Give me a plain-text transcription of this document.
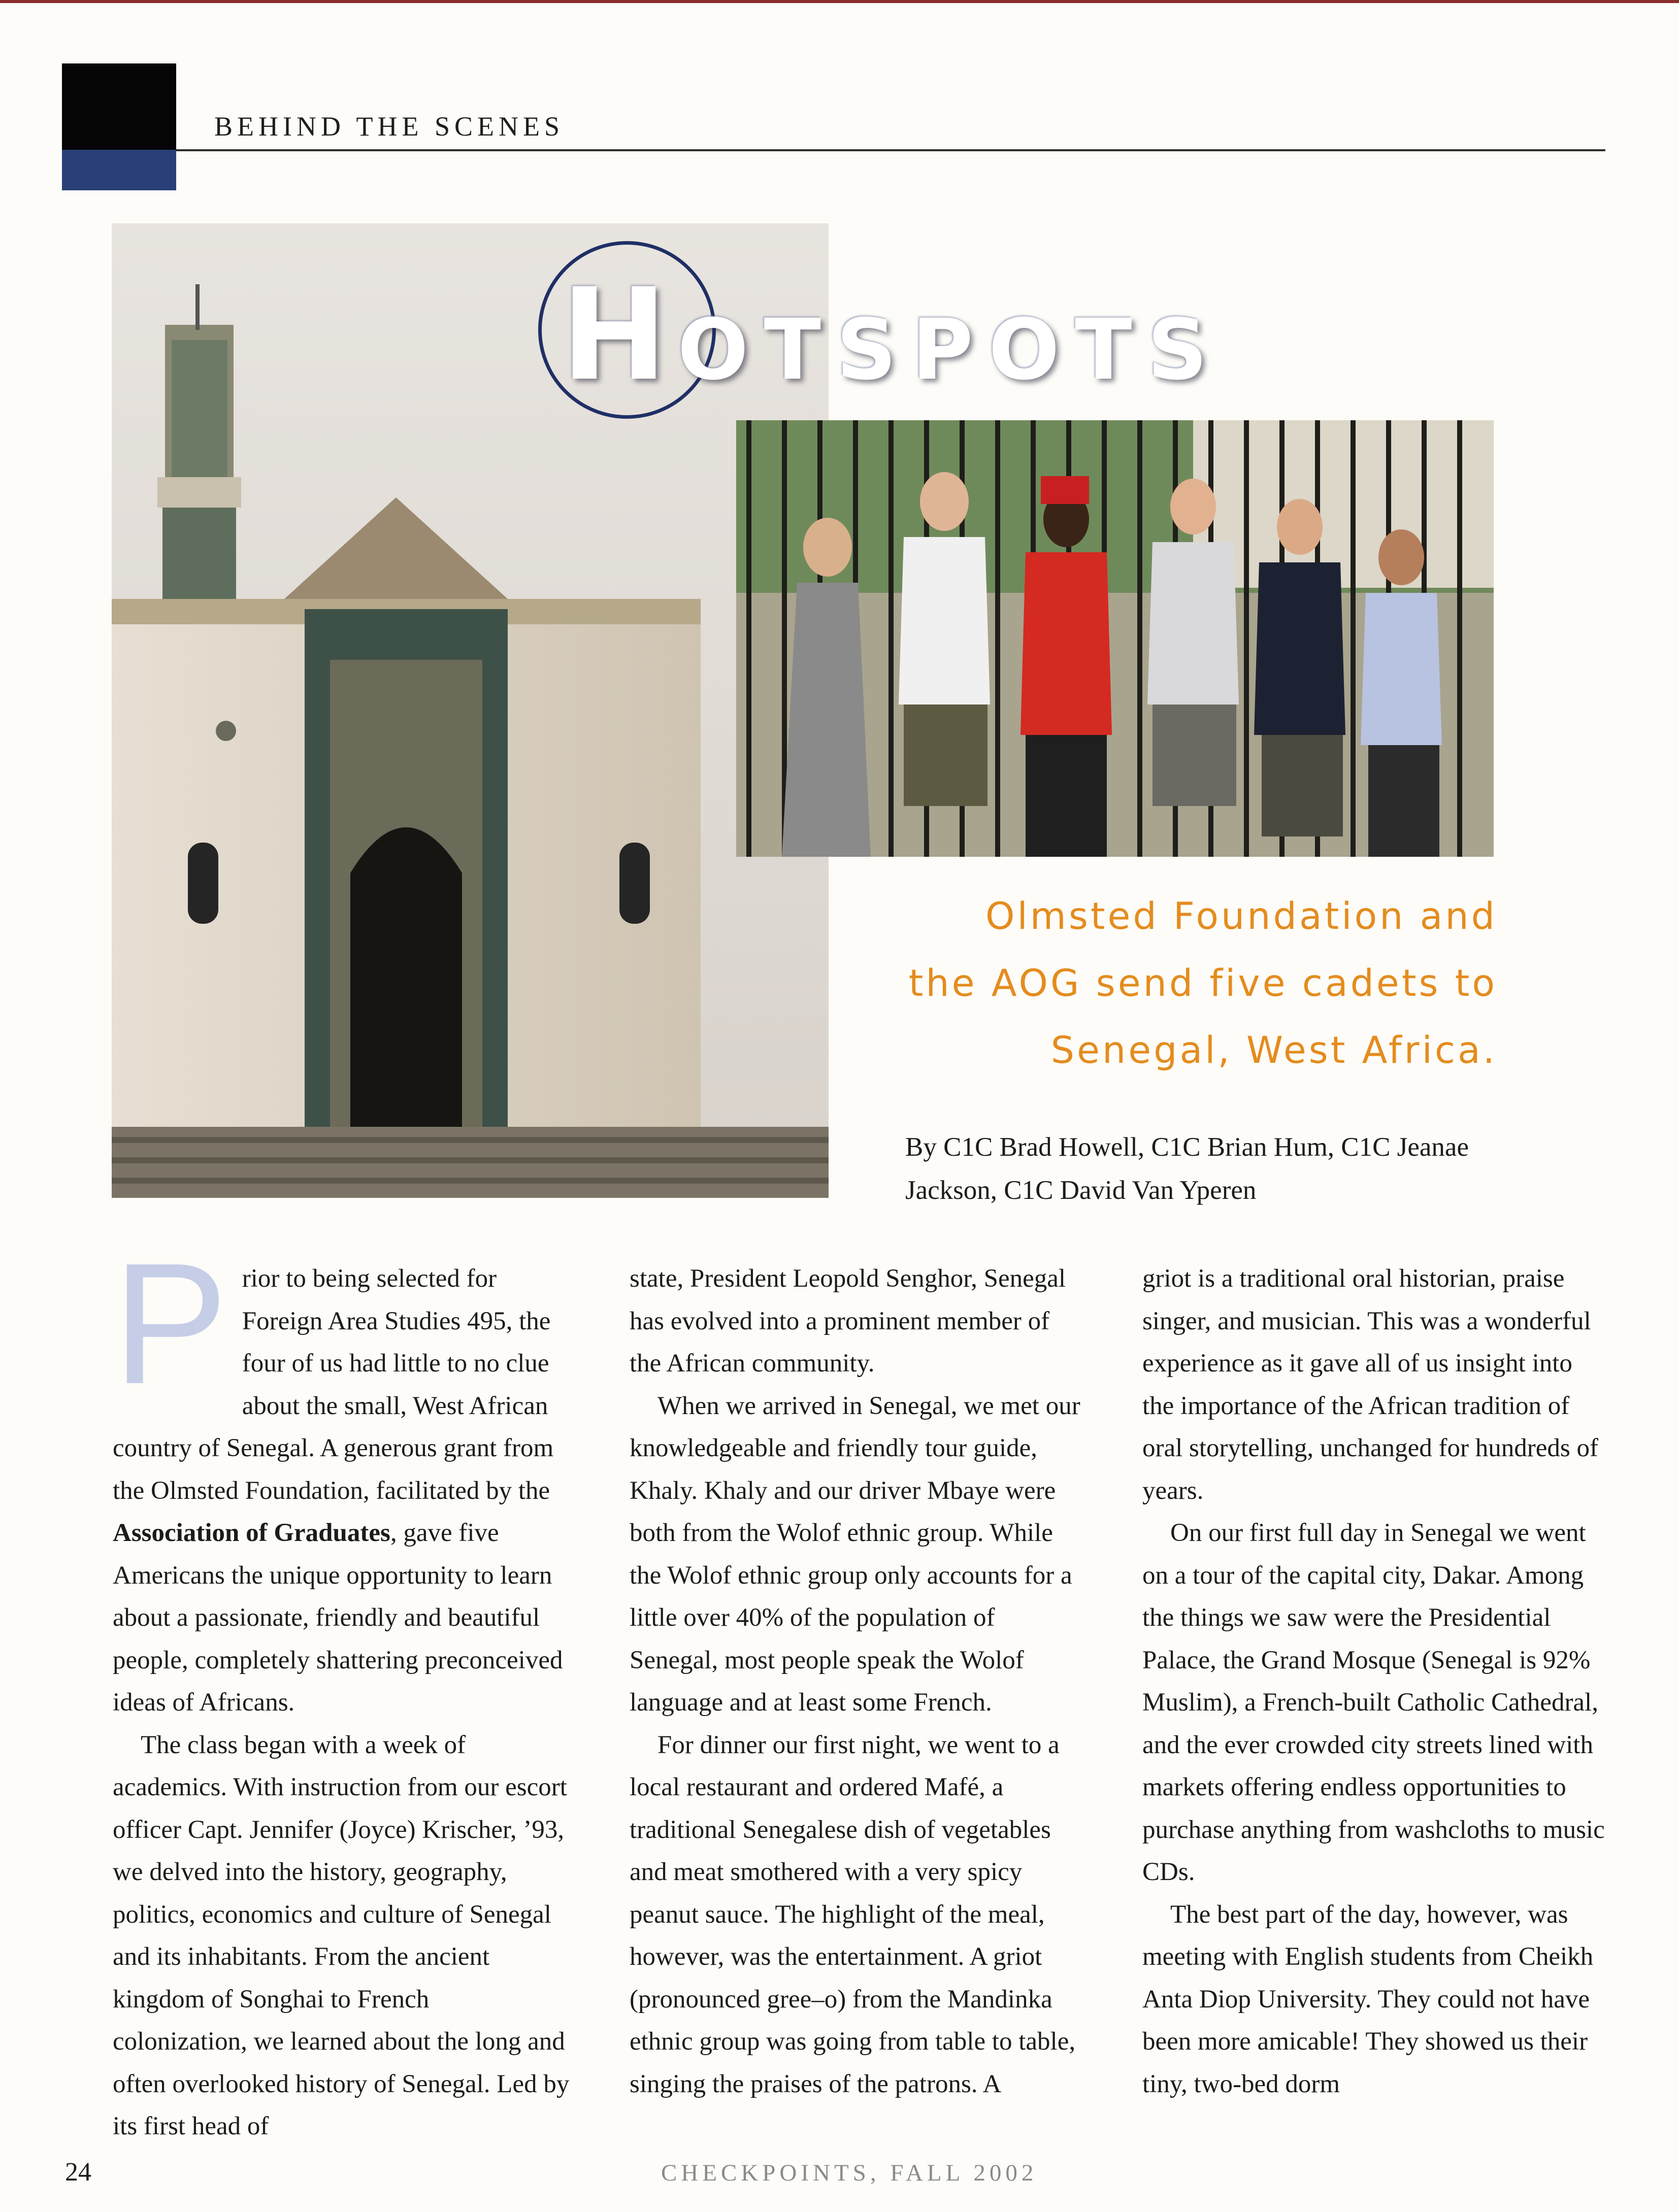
BEHIND THE SCENES
HOTSPOTS
Olmsted Foundation and
the AOG send five cadets to
Senegal, West Africa.
By C1C Brad Howell, C1C Brian Hum, C1C Jeanae
Jackson, C1C David Van Yperen

Prior to being selected for Foreign Area Studies 495, the four of us had little to no clue about the small, West African country of Senegal. A generous grant from the Olmsted Foundation, facilitated by the Association of Graduates, gave five Americans the unique opportunity to learn about a passionate, friendly and beautiful people, completely shattering preconceived ideas of Africans.

The class began with a week of academics. With instruction from our escort officer Capt. Jennifer (Joyce) Krischer, ’93, we delved into the history, geography, politics, economics and culture of Senegal and its inhabitants. From the ancient kingdom of Songhai to French colonization, we learned about the long and often overlooked history of Senegal. Led by its first head of

state, President Leopold Senghor, Senegal has evolved into a prominent member of the African community.

When we arrived in Senegal, we met our knowledgeable and friendly tour guide, Khaly. Khaly and our driver Mbaye were both from the Wolof ethnic group. While the Wolof ethnic group only accounts for a little over 40% of the population of Senegal, most people speak the Wolof language and at least some French.

For dinner our first night, we went to a local restaurant and ordered Mafé, a traditional Senegalese dish of vegetables and meat smothered with a very spicy peanut sauce. The highlight of the meal, however, was the entertainment. A griot (pronounced gree–o) from the Mandinka ethnic group was going from table to table, singing the praises of the patrons. A

griot is a traditional oral historian, praise singer, and musician. This was a wonderful experience as it gave all of us insight into the importance of the African tradition of oral storytelling, unchanged for hundreds of years.

On our first full day in Senegal we went on a tour of the capital city, Dakar. Among the things we saw were the Presidential Palace, the Grand Mosque (Senegal is 92% Muslim), a French-built Catholic Cathedral, and the ever crowded city streets lined with markets offering endless opportunities to purchase anything from washcloths to music CDs.

The best part of the day, however, was meeting with English students from Cheikh Anta Diop University. They could not have been more amicable! They showed us their tiny, two-bed dorm

24	CHECKPOINTS, FALL 2002
